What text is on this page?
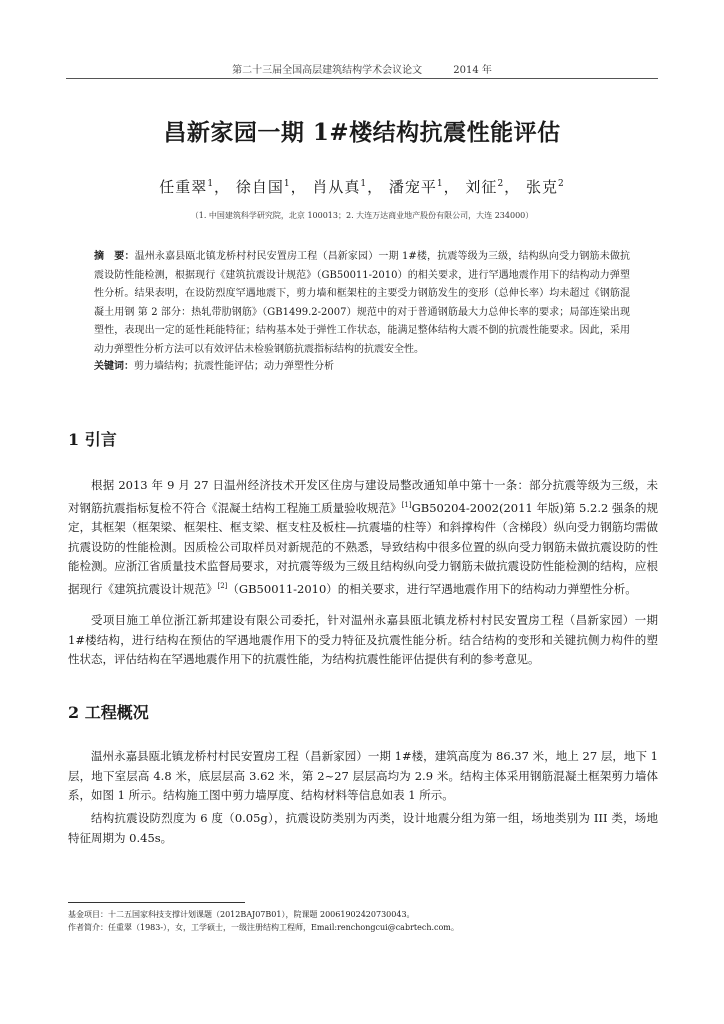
第二十三届全国高层建筑结构学术会议论文	2014 年
昌新家园一期 1#楼结构抗震性能评估
任重翠$^1$， 徐自国$^1$， 肖从真$^1$， 潘宠平$^1$， 刘征$^2$， 张克$^2$
（1. 中国建筑科学研究院，北京 100013；2. 大连万达商业地产股份有限公司，大连 234000）
摘　要：温州永嘉县瓯北镇龙桥村村民安置房工程（昌新家园）一期 1#楼，抗震等级为三级，结构纵向受力钢筋未做抗震设防性能检测，根据现行《建筑抗震设计规范》（GB50011-2010）的相关要求，进行罕遇地震作用下的结构动力弹塑性分析。结果表明，在设防烈度罕遇地震下，剪力墙和框架柱的主要受力钢筋发生的变形（总伸长率）均未超过《钢筋混凝土用钢 第 2 部分：热轧带肋钢筋》（GB1499.2-2007）规范中的对于普通钢筋最大力总伸长率的要求；局部连梁出现塑性，表现出一定的延性耗能特征；结构基本处于弹性工作状态，能满足整体结构大震不倒的抗震性能要求。因此，采用动力弹塑性分析方法可以有效评估未检验钢筋抗震指标结构的抗震安全性。
关键词：剪力墙结构；抗震性能评估；动力弹塑性分析
1 引言
根据 2013 年 9 月 27 日温州经济技术开发区住房与建设局整改通知单中第十一条：部分抗震等级为三级，未对钢筋抗震指标复检不符合《混凝土结构工程施工质量验收规范》[1]GB50204-2002(2011 年版)第 5.2.2 强条的规定，其框架（框架梁、框架柱、框支梁、框支柱及板柱—抗震墙的柱等）和斜撑构件（含梯段）纵向受力钢筋均需做抗震设防的性能检测。因质检公司取样员对新规范的不熟悉，导致结构中很多位置的纵向受力钢筋未做抗震设防的性能检测。应浙江省质量技术监督局要求，对抗震等级为三级且结构纵向受力钢筋未做抗震设防性能检测的结构，应根据现行《建筑抗震设计规范》[2]（GB50011-2010）的相关要求，进行罕遇地震作用下的结构动力弹塑性分析。
受项目施工单位浙江新邦建设有限公司委托，针对温州永嘉县瓯北镇龙桥村村民安置房工程（昌新家园）一期 1#楼结构，进行结构在预估的罕遇地震作用下的受力特征及抗震性能分析。结合结构的变形和关键抗侧力构件的塑性状态，评估结构在罕遇地震作用下的抗震性能，为结构抗震性能评估提供有利的参考意见。
2 工程概况
温州永嘉县瓯北镇龙桥村村民安置房工程（昌新家园）一期 1#楼，建筑高度为 86.37 米，地上 27 层，地下 1 层，地下室层高 4.8 米，底层层高 3.62 米，第 2~27 层层高均为 2.9 米。结构主体采用钢筋混凝土框架剪力墙体系，如图 1 所示。结构施工图中剪力墙厚度、结构材料等信息如表 1 所示。
结构抗震设防烈度为 6 度（0.05g），抗震设防类别为丙类，设计地震分组为第一组，场地类别为 III 类，场地特征周期为 0.45s。
基金项目：十二五国家科技支撑计划课题（2012BAJ07B01），院课题 20061902420730043。
作者简介：任重翠（1983-），女，工学硕士，一级注册结构工程师，Email:renchongcui@cabrtech.com。
